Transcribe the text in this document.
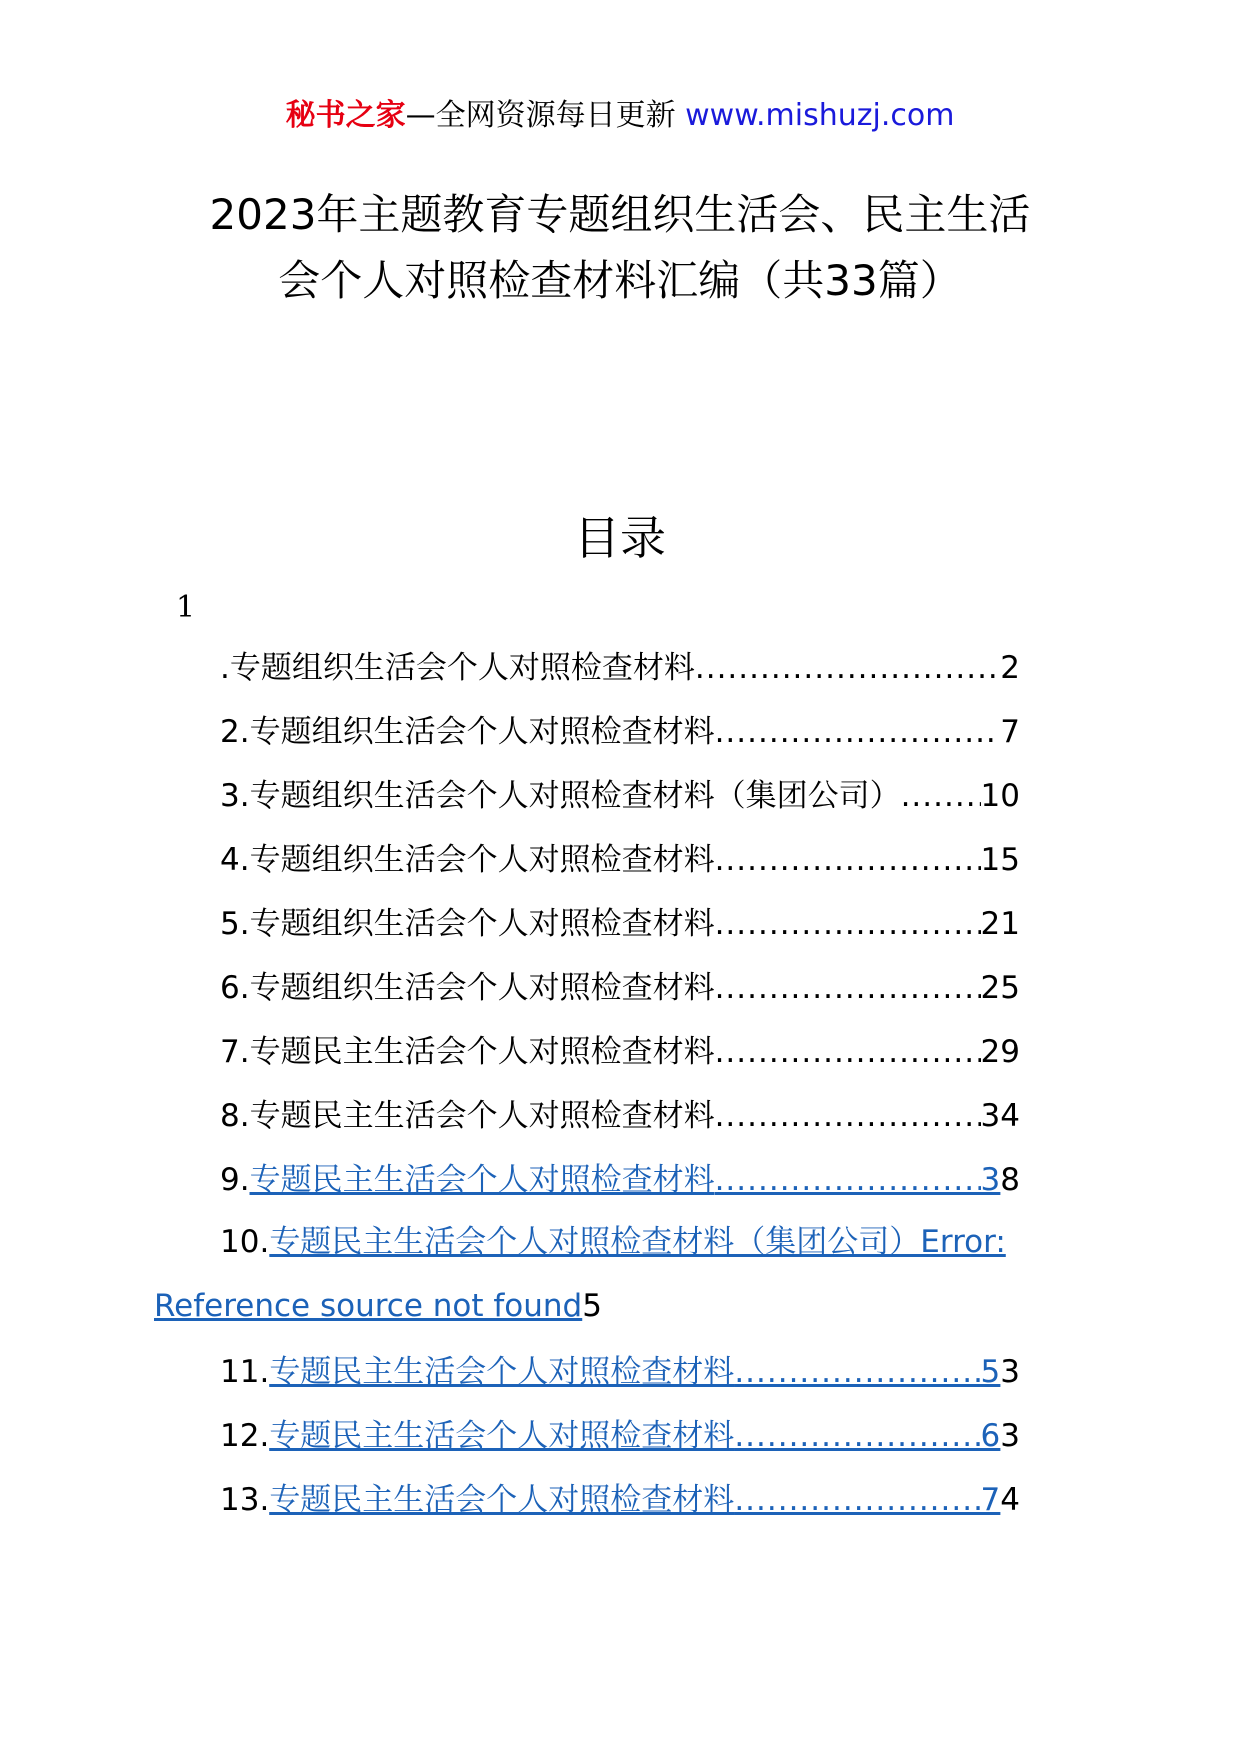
秘书之家—全网资源每日更新 www.mishuzj.com
2023年主题教育专题组织生活会、民主生活
会个人对照检查材料汇编（共33篇）
目录
1
.专题组织生活会个人对照检查材料 .....	2
2. 专题组织生活会个人对照检查材料 .....	7
3. 专题组织生活会个人对照检查材料（集团公司） .....	10
4. 专题组织生活会个人对照检查材料 .....	15
5. 专题组织生活会个人对照检查材料 .....	21
6. 专题组织生活会个人对照检查材料 .....	25
7. 专题民主生活会个人对照检查材料 .....	29
8. 专题民主生活会个人对照检查材料 .....	34
9. 专题民主生活会个人对照检查材料 .....	3 8
10.专题民主生活会个人对照检查材料（集团公司）Error:
Reference source not found5
11. 专题民主生活会个人对照检查材料 .....	5 3
12. 专题民主生活会个人对照检查材料 .....	6 3
13. 专题民主生活会个人对照检查材料 .....	7 4
